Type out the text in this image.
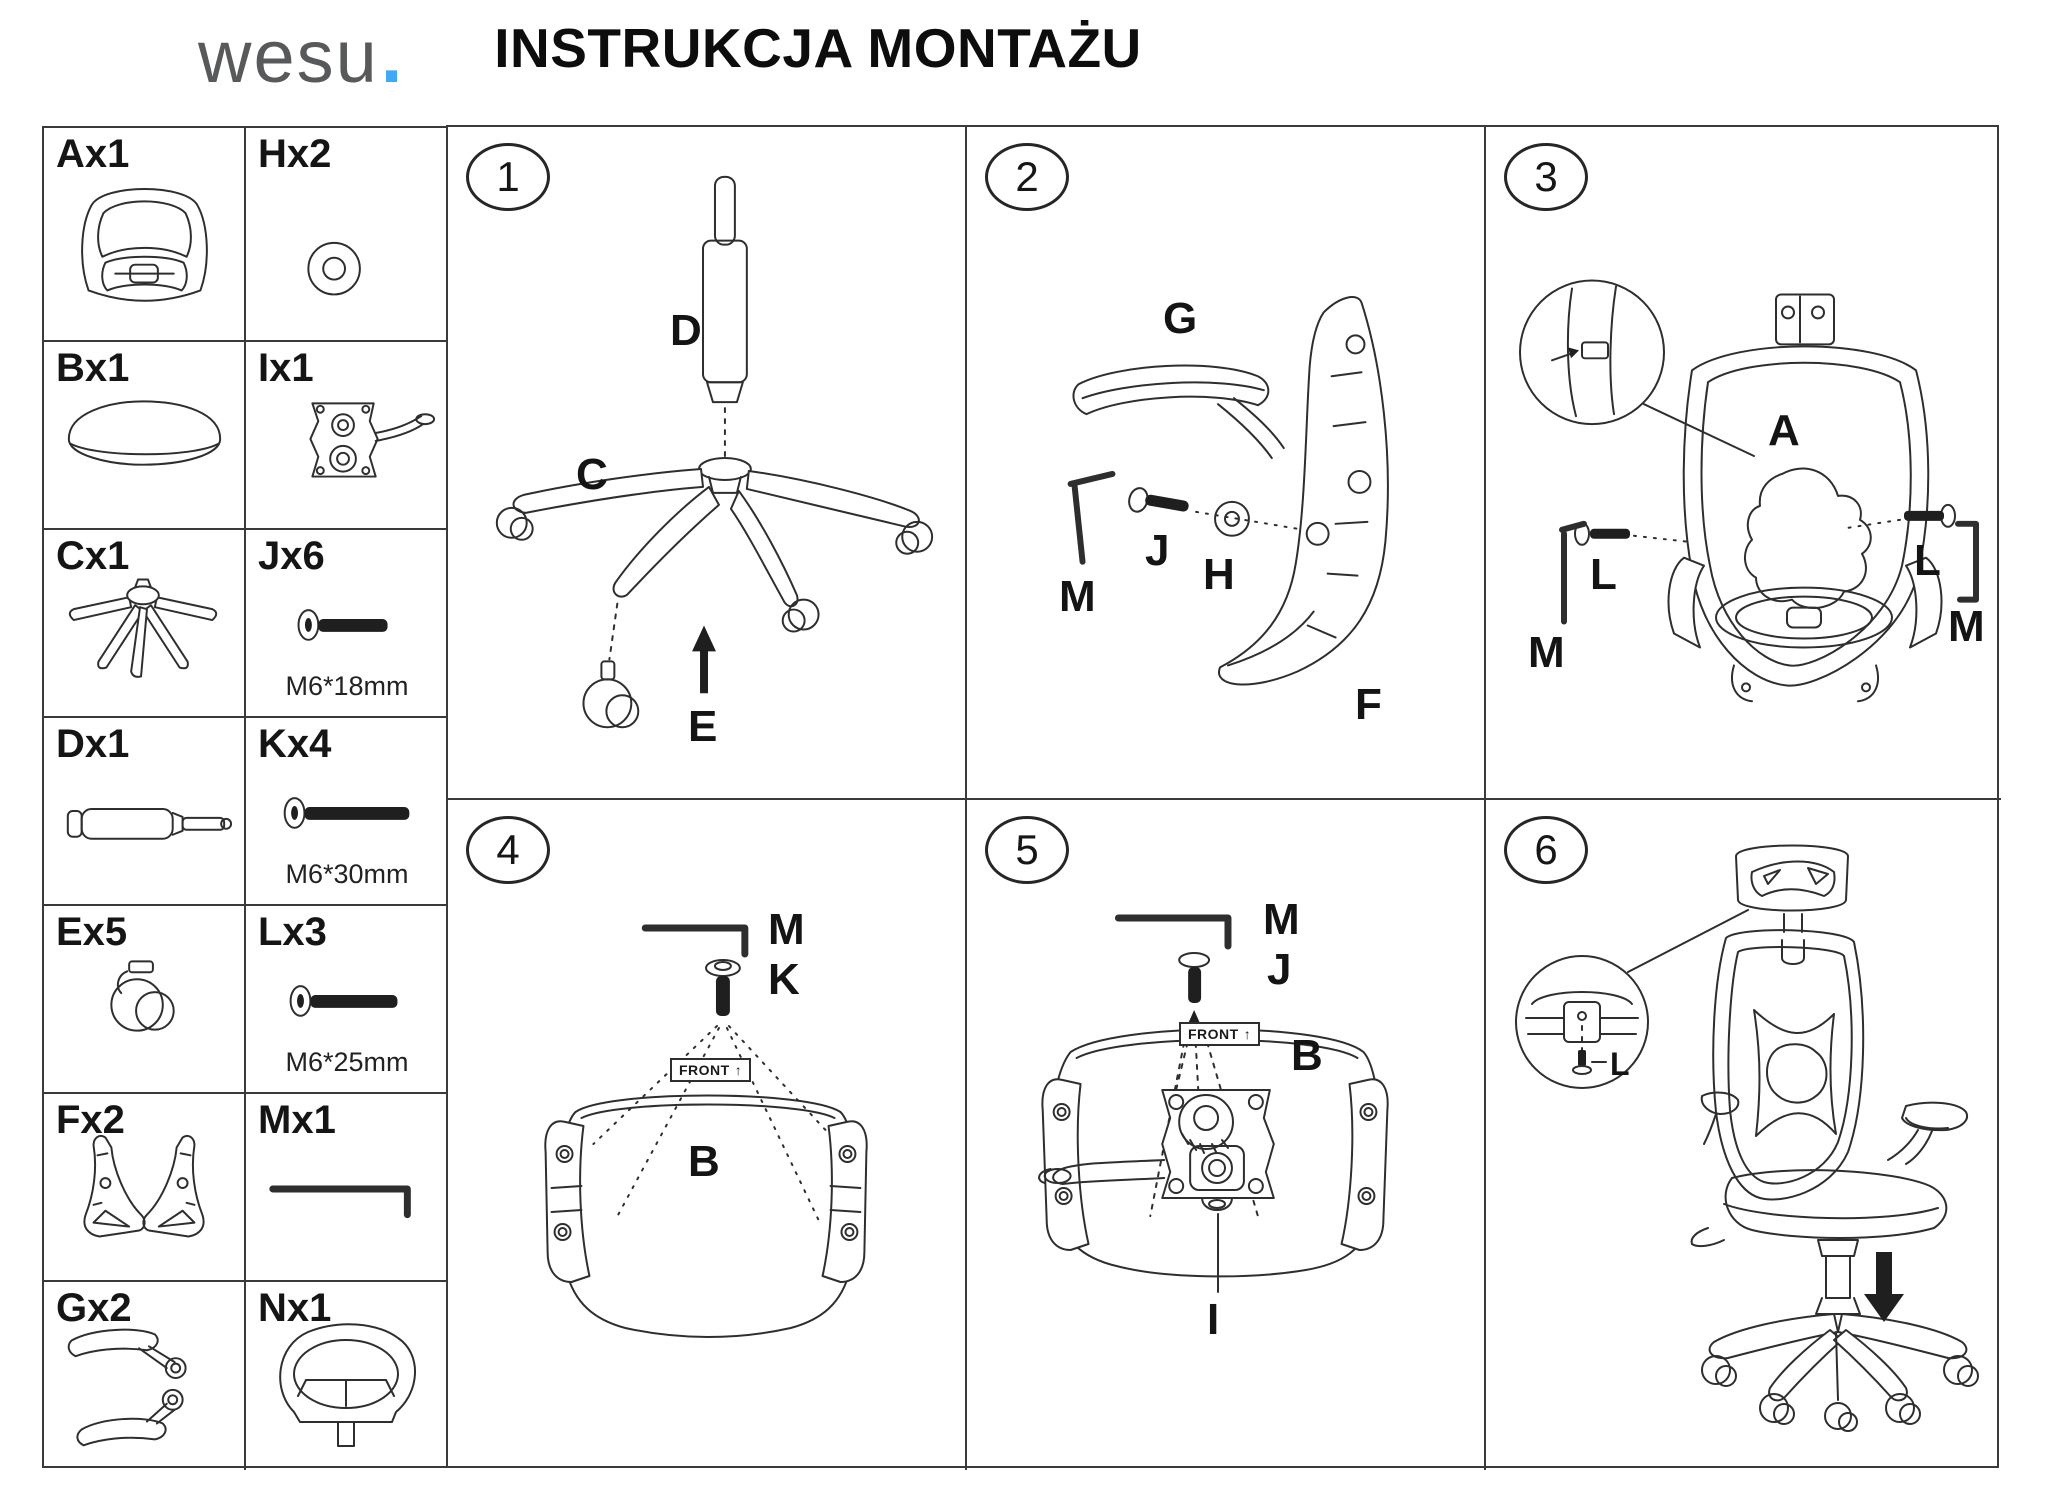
wesu .	INSTRUKCJA MONTAŻU
Ax1	Hx2
Bx1	Ix1
Cx1	Jx6
M6*18mm
Dx1	Kx4
M6*30mm
Ex5	Lx3
M6*25mm
Fx2	Mx1
Gx2	Nx1
1
D
C
E
2
G
M
J H
F
3
A
L
M
L
M
4
M
K
B
FRONT ↑
5
M
J
B
I
FRONT ↑
6
L
